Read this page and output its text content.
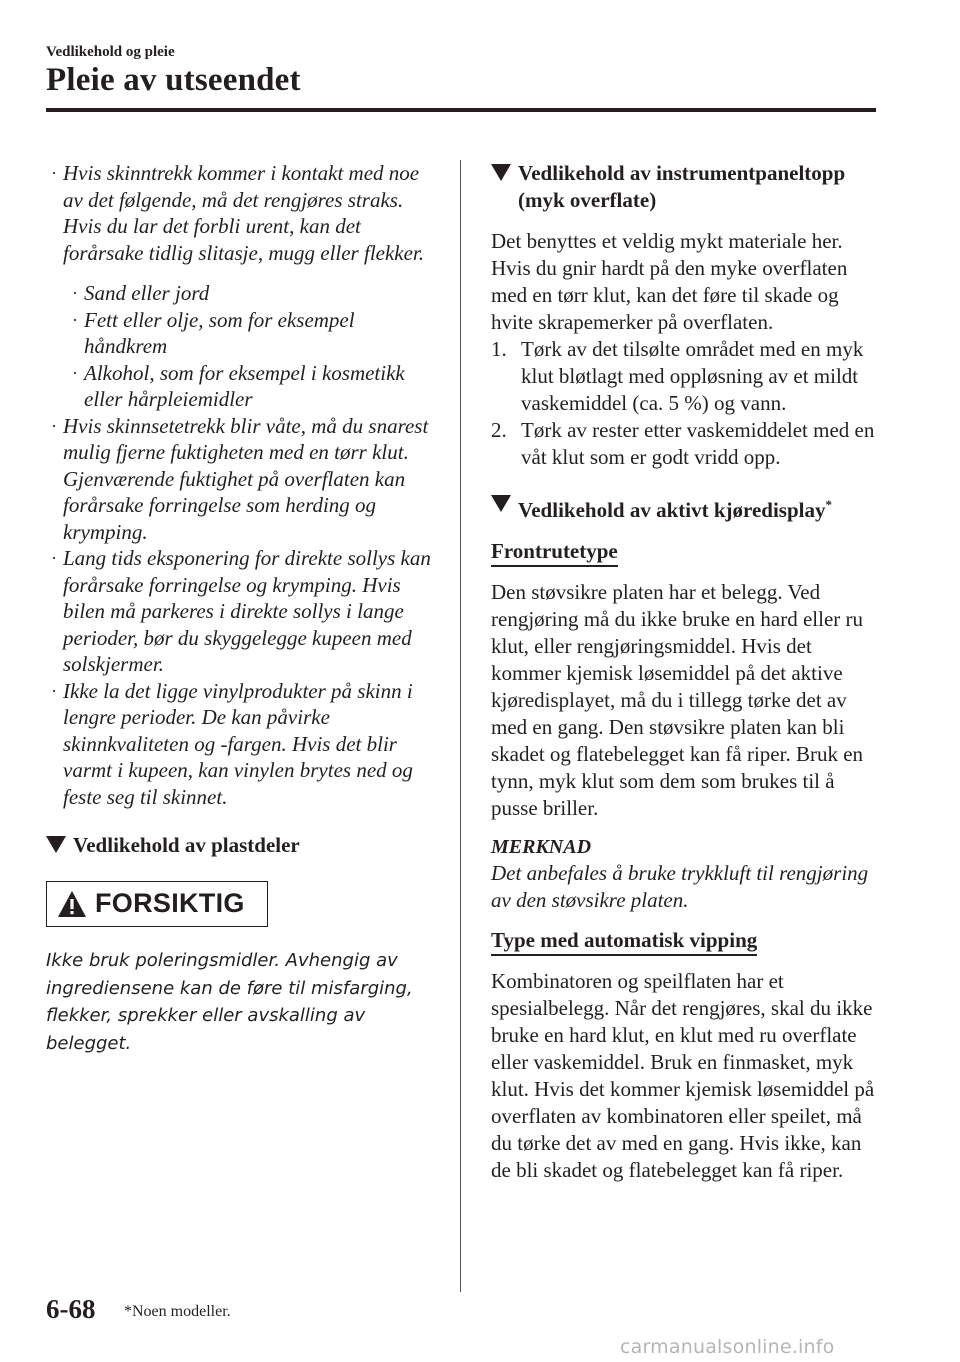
Vedlikehold og pleie
Pleie av utseendet
· Hvis skinntrekk kommer i kontakt med noe av det følgende, må det rengjøres straks. Hvis du lar det forbli urent, kan det forårsake tidlig slitasje, mugg eller flekker.
· Sand eller jord
· Fett eller olje, som for eksempel håndkrem
· Alkohol, som for eksempel i kosmetikk eller hårpleiemidler
· Hvis skinnsetetrekk blir våte, må du snarest mulig fjerne fuktigheten med en tørr klut. Gjenværende fuktighet på overflaten kan forårsake forringelse som herding og krymping.
· Lang tids eksponering for direkte sollys kan forårsake forringelse og krymping. Hvis bilen må parkeres i direkte sollys i lange perioder, bør du skyggelegge kupeen med solskjermer.
· Ikke la det ligge vinylprodukter på skinn i lengre perioder. De kan påvirke skinnkvaliteten og -fargen. Hvis det blir varmt i kupeen, kan vinylen brytes ned og feste seg til skinnet.
Vedlikehold av plastdeler
FORSIKTIG
Ikke bruk poleringsmidler. Avhengig av ingrediensene kan de føre til misfarging, flekker, sprekker eller avskalling av belegget.
Vedlikehold av instrumentpaneltopp (myk overflate)
Det benyttes et veldig mykt materiale her. Hvis du gnir hardt på den myke overflaten med en tørr klut, kan det føre til skade og hvite skrapemerker på overflaten.
1. Tørk av det tilsølte området med en myk klut bløtlagt med oppløsning av et mildt vaskemiddel (ca. 5 %) og vann.
2. Tørk av rester etter vaskemiddelet med en våt klut som er godt vridd opp.
Vedlikehold av aktivt kjøredisplay*
Frontrutetype
Den støvsikre platen har et belegg. Ved rengjøring må du ikke bruke en hard eller ru klut, eller rengjøringsmiddel. Hvis det kommer kjemisk løsemiddel på det aktive kjøredisplayet, må du i tillegg tørke det av med en gang. Den støvsikre platen kan bli skadet og flatebelegget kan få riper. Bruk en tynn, myk klut som dem som brukes til å pusse briller.
MERKNAD
Det anbefales å bruke trykkluft til rengjøring av den støvsikre platen.
Type med automatisk vipping
Kombinatoren og speilflaten har et spesialbelegg. Når det rengjøres, skal du ikke bruke en hard klut, en klut med ru overflate eller vaskemiddel. Bruk en finmasket, myk klut. Hvis det kommer kjemisk løsemiddel på overflaten av kombinatoren eller speilet, må du tørke det av med en gang. Hvis ikke, kan de bli skadet og flatebelegget kan få riper.
6-68 *Noen modeller.
carmanualsonline.info
